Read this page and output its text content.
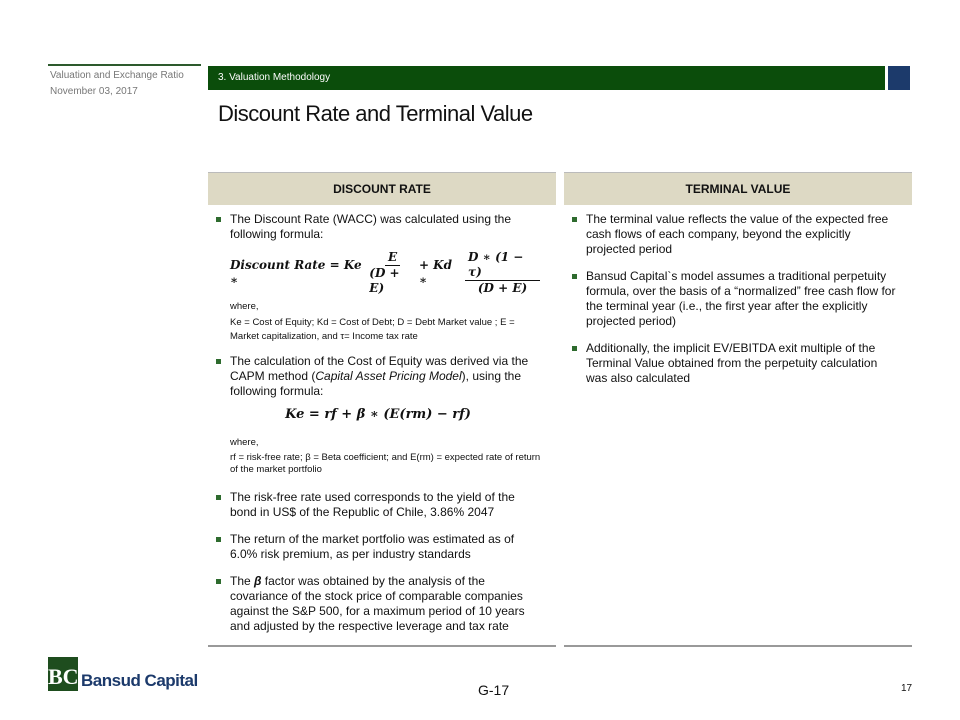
Valuation and Exchange Ratio
November 03, 2017
3. Valuation Methodology
Discount Rate and Terminal Value
DISCOUNT RATE	TERMINAL VALUE
The Discount Rate (WACC) was calculated using the following formula:
Discount Rate = Ke ∗	$\frac{E}{(D + E)} + Kd$ ∗	$\frac{D ∗ (1 - \tau)}{(D + E)}$
where,
Ke = Cost of Equity; Kd = Cost of Debt; D = Debt Market value ; E = Market capitalization, and τ= Income tax rate
The calculation of the Cost of Equity was derived via the CAPM method (Capital Asset Pricing Model), using the following formula:
Ke = rf + β ∗ (E(rm) − rf)
where,
rf = risk-free rate; β = Beta coefficient; and E(rm) = expected rate of return of the market portfolio
The risk-free rate used corresponds to the yield of the bond in US$ of the Republic of Chile, 3.86% 2047
The return of the market portfolio was estimated as of 6.0% risk premium, as per industry standards
The β factor was obtained by the analysis of the covariance of the stock price of comparable companies against the S&P 500, for a maximum period of 10 years and adjusted by the respective leverage and tax rate
The terminal value reflects the value of the expected free cash flows of each company, beyond the explicitly projected period
Bansud Capital`s model assumes a traditional perpetuity formula, over the basis of a “normalized” free cash flow for the terminal year (i.e., the first year after the explicitly projected period)
Additionally, the implicit EV/EBITDA exit multiple of the Terminal Value obtained from the perpetuity calculation was also calculated
BC Bansud Capital	G-17	17
